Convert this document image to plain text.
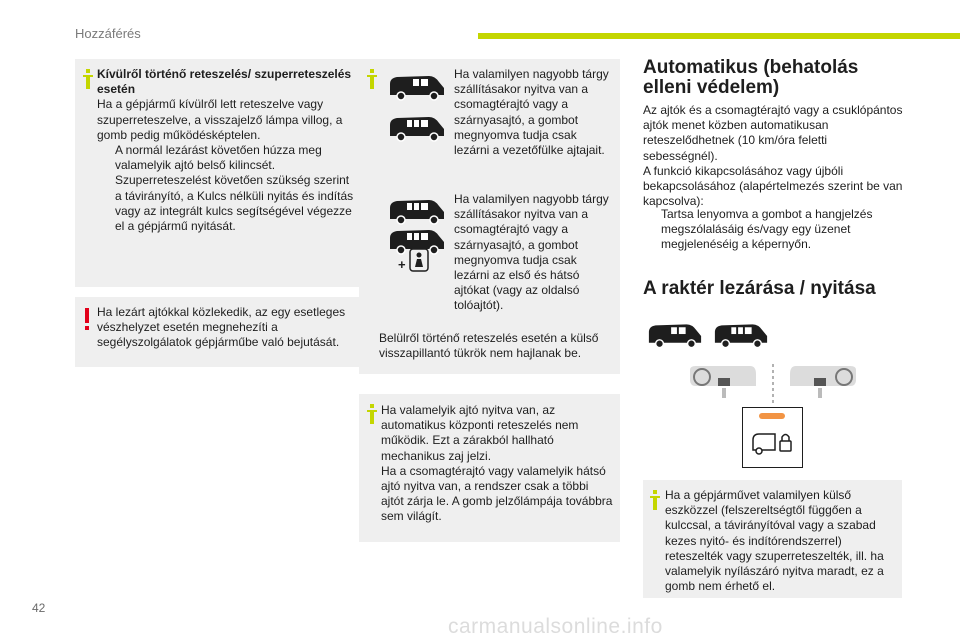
Hozzáférés

Kívülről történő reteszelés/ szuperreteszelés esetén

Ha a gépjármű kívülről lett reteszelve vagy szuperreteszelve, a visszajelző lámpa villog, a gomb pedig működésképtelen.

A normál lezárást követően húzza meg valamelyik ajtó belső kilincsét.

Szuperreteszelést követően szükség szerint a távirányító, a Kulcs nélküli nyitás és indítás vagy az integrált kulcs segítségével végezze el a gépjármű nyitását.

Ha lezárt ajtókkal közlekedik, az egy esetleges vészhelyzet esetén megnehezíti a segélyszolgálatok gépjárműbe való bejutását.

Ha valamilyen nagyobb tárgy szállításakor nyitva van a csomagtérajtó vagy a szárnyasajtó, a gombot megnyomva tudja csak lezárni a vezetőfülke ajtajait.

+

Ha valamilyen nagyobb tárgy szállításakor nyitva van a csomagtérajtó vagy a szárnyasajtó, a gombot megnyomva tudja csak lezárni az első és hátsó ajtókat (vagy az oldalsó tolóajtót).

Belülről történő reteszelés esetén a külső visszapillantó tükrök nem hajlanak be.

Ha valamelyik ajtó nyitva van, az automatikus központi reteszelés nem működik. Ezt a zárakból hallható mechanikus zaj jelzi.
Ha a csomagtérajtó vagy valamelyik hátsó ajtó nyitva van, a rendszer csak a többi ajtót zárja le. A gomb jelzőlámpája továbbra sem világít.

Automatikus (behatolás elleni védelem)

Az ajtók és a csomagtérajtó vagy a csuklópántos ajtók menet közben automatikusan reteszelődhetnek (10 km/óra feletti sebességnél).
A funkció kikapcsolásához vagy újbóli bekapcsolásához (alapértelmezés szerint be van kapcsolva):

Tartsa lenyomva a gombot a hangjelzés megszólalásáig és/vagy egy üzenet megjelenéséig a képernyőn.

A raktér lezárása / nyitása

Ha a gépjárművet valamilyen külső eszközzel (felszereltségtől függően a kulccsal, a távirányítóval vagy a szabad kezes nyitó- és indítórendszerrel) reteszelték vagy szuperreteszelték, ill. ha valamelyik nyílászáró nyitva maradt, ez a gomb nem érhető el.

42
carmanualsonline.info
